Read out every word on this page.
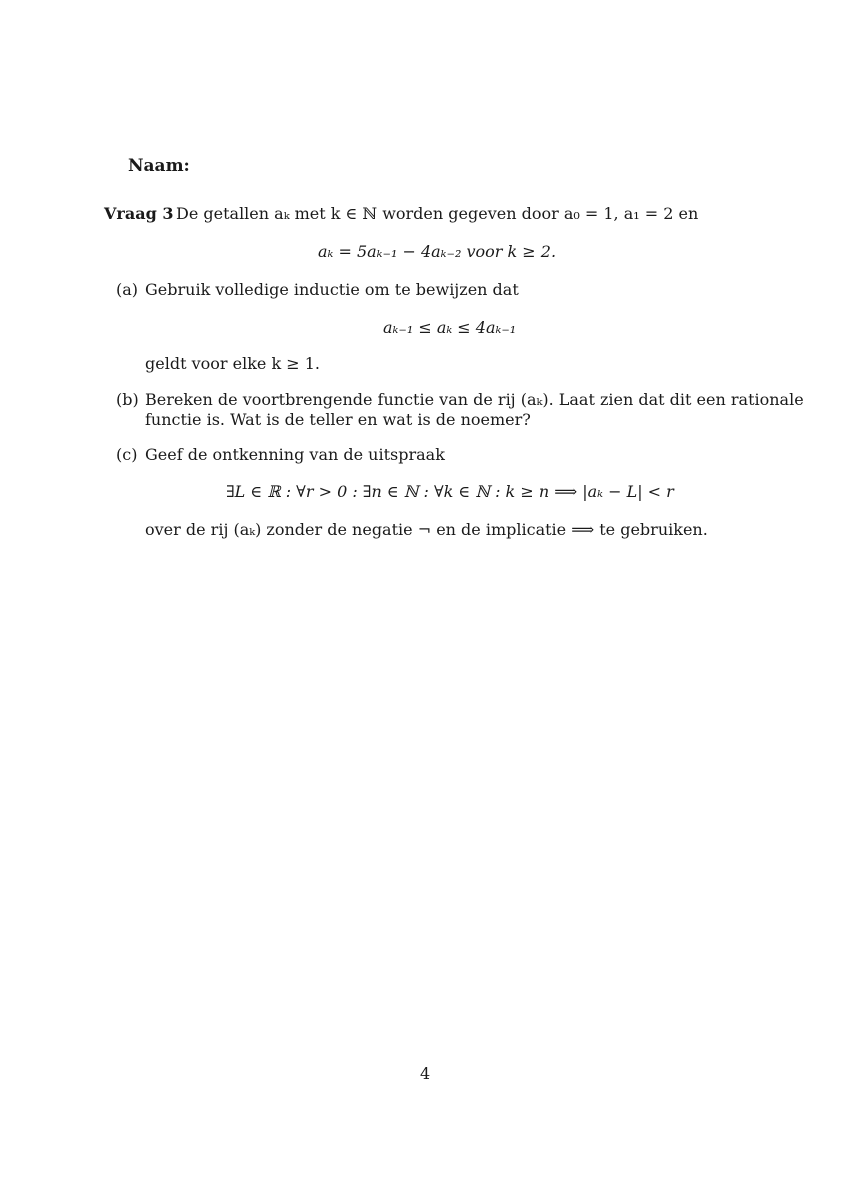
Naam:
Vraag 3 De getallen aₖ met k ∈ ℕ worden gegeven door a₀ = 1, a₁ = 2 en
aₖ = 5aₖ₋₁ − 4aₖ₋₂ voor k ≥ 2.
(a) Gebruik volledige inductie om te bewijzen dat
aₖ₋₁ ≤ aₖ ≤ 4aₖ₋₁
geldt voor elke k ≥ 1.
(b) Bereken de voortbrengende functie van de rij (aₖ). Laat zien dat dit een rationale
functie is. Wat is de teller en wat is de noemer?
(c) Geef de ontkenning van de uitspraak
∃L ∈ ℝ : ∀r > 0 : ∃n ∈ ℕ : ∀k ∈ ℕ : k ≥ n ⟹ |aₖ − L| < r
over de rij (aₖ) zonder de negatie ¬ en de implicatie ⟹ te gebruiken.
4
